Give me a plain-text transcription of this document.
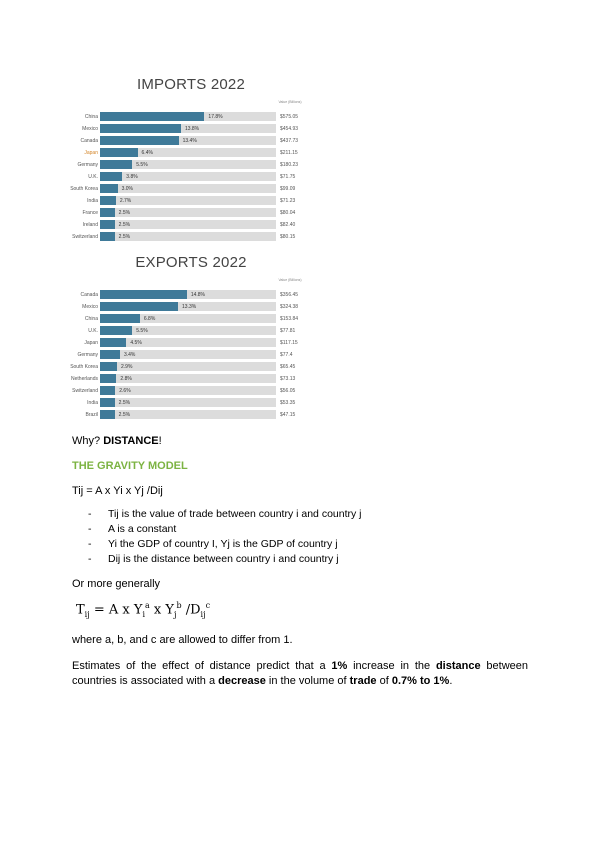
IMPORTS 2022
Value (Billions)
China	17.8%	$575.05
Mexico	13.8%	$454.93
Canada	13.4%	$437.73
Japan	6.4%	$211.15
Germany	5.5%	$180.23
U.K.	3.8%	$71.75
South Korea	3.0%	$99.09
India	2.7%	$71.23
France	2.5%	$80.04
Ireland	2.5%	$82.40
Switzerland	2.5%	$80.15
EXPORTS 2022
Value (Billions)
Canada	14.8%	$356.45
Mexico	13.3%	$324.38
China	6.8%	$153.84
U.K.	5.5%	$77.81
Japan	4.5%	$117.15
Germany	3.4%	$77.4
South Korea	2.9%	$65.45
Netherlands	2.8%	$73.13
Switzerland	2.6%	$56.05
India	2.5%	$53.35
Brazil	2.5%	$47.15
Why? DISTANCE!
THE GRAVITY MODEL
Tij = A x Yi x Yj /Dij
- Tij is the value of trade between country i and country j
- A is a constant
- Yi the GDP of country I, Yj is the GDP of country j
- Dij is the distance between country i and country j
Or more generally
$T_{ij} = A$ x $Y_i^a$ x $Y_j^b$ $/D_{ij}^c$
where a, b, and c are allowed to differ from 1.
Estimates of the effect of distance predict that a 1% increase in the distance between countries is associated with a decrease in the volume of trade of 0.7% to 1%.
